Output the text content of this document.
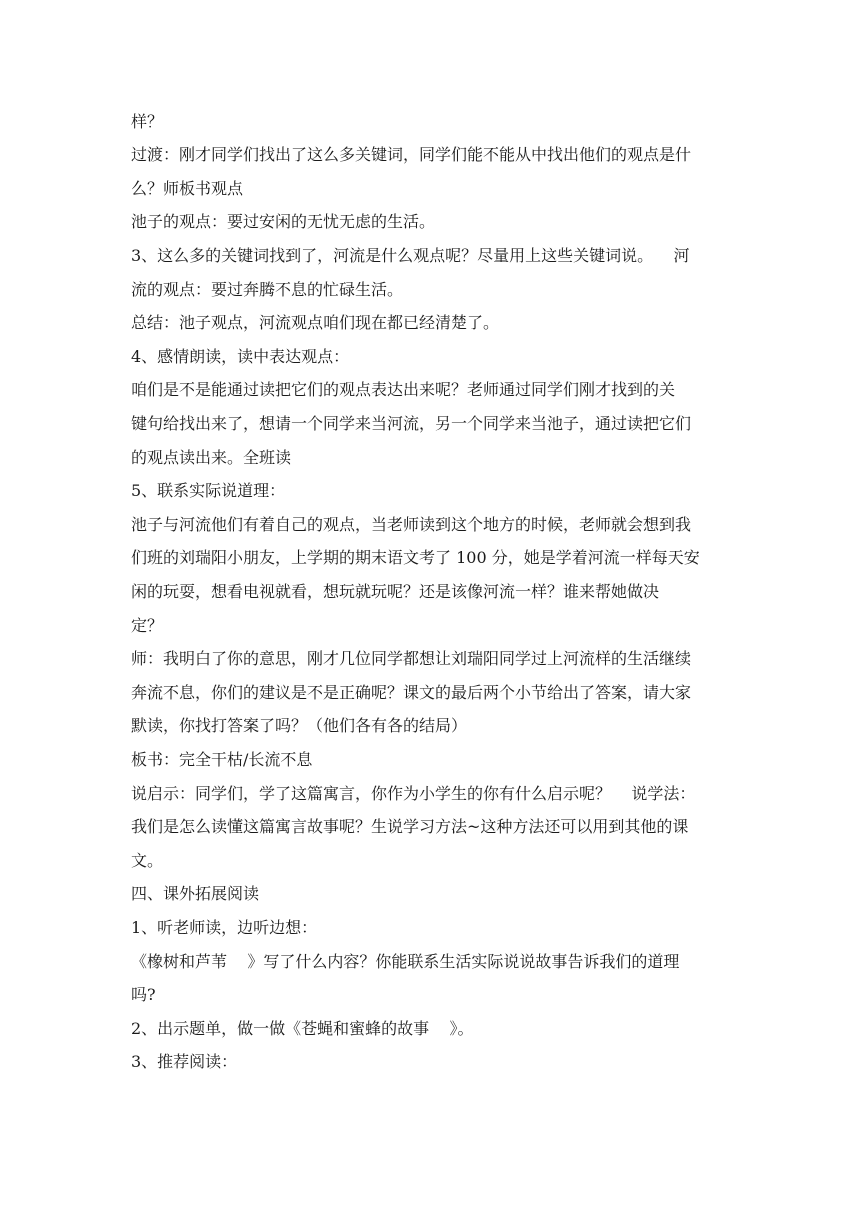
样？
过渡：刚才同学们找出了这么多关键词，同学们能不能从中找出他们的观点是什
么？师板书观点
池子的观点：要过安闲的无忧无虑的生活。
3、这么多的关键词找到了，河流是什么观点呢？尽量用上这些关键词说。    河
流的观点：要过奔腾不息的忙碌生活。
总结：池子观点，河流观点咱们现在都已经清楚了。
4、感情朗读，读中表达观点：
咱们是不是能通过读把它们的观点表达出来呢？老师通过同学们刚才找到的关
键句给找出来了，想请一个同学来当河流，另一个同学来当池子，通过读把它们
的观点读出来。全班读
5、联系实际说道理：
池子与河流他们有着自己的观点，当老师读到这个地方的时候，老师就会想到我
们班的刘瑞阳小朋友，上学期的期末语文考了 100 分，她是学着河流一样每天安
闲的玩耍，想看电视就看，想玩就玩呢？还是该像河流一样？谁来帮她做决
定？
师：我明白了你的意思，刚才几位同学都想让刘瑞阳同学过上河流样的生活继续
奔流不息，你们的建议是不是正确呢？课文的最后两个小节给出了答案，请大家
默读，你找打答案了吗？（他们各有各的结局）
板书：完全干枯/长流不息
说启示：同学们，学了这篇寓言，你作为小学生的你有什么启示呢？    说学法：
我们是怎么读懂这篇寓言故事呢？生说学习方法~这种方法还可以用到其他的课
文。
四、课外拓展阅读
1、听老师读，边听边想：
《橡树和芦苇    》写了什么内容？你能联系生活实际说说故事告诉我们的道理
吗?
2、出示题单，做一做《苍蝇和蜜蜂的故事    》。
3、推荐阅读：
